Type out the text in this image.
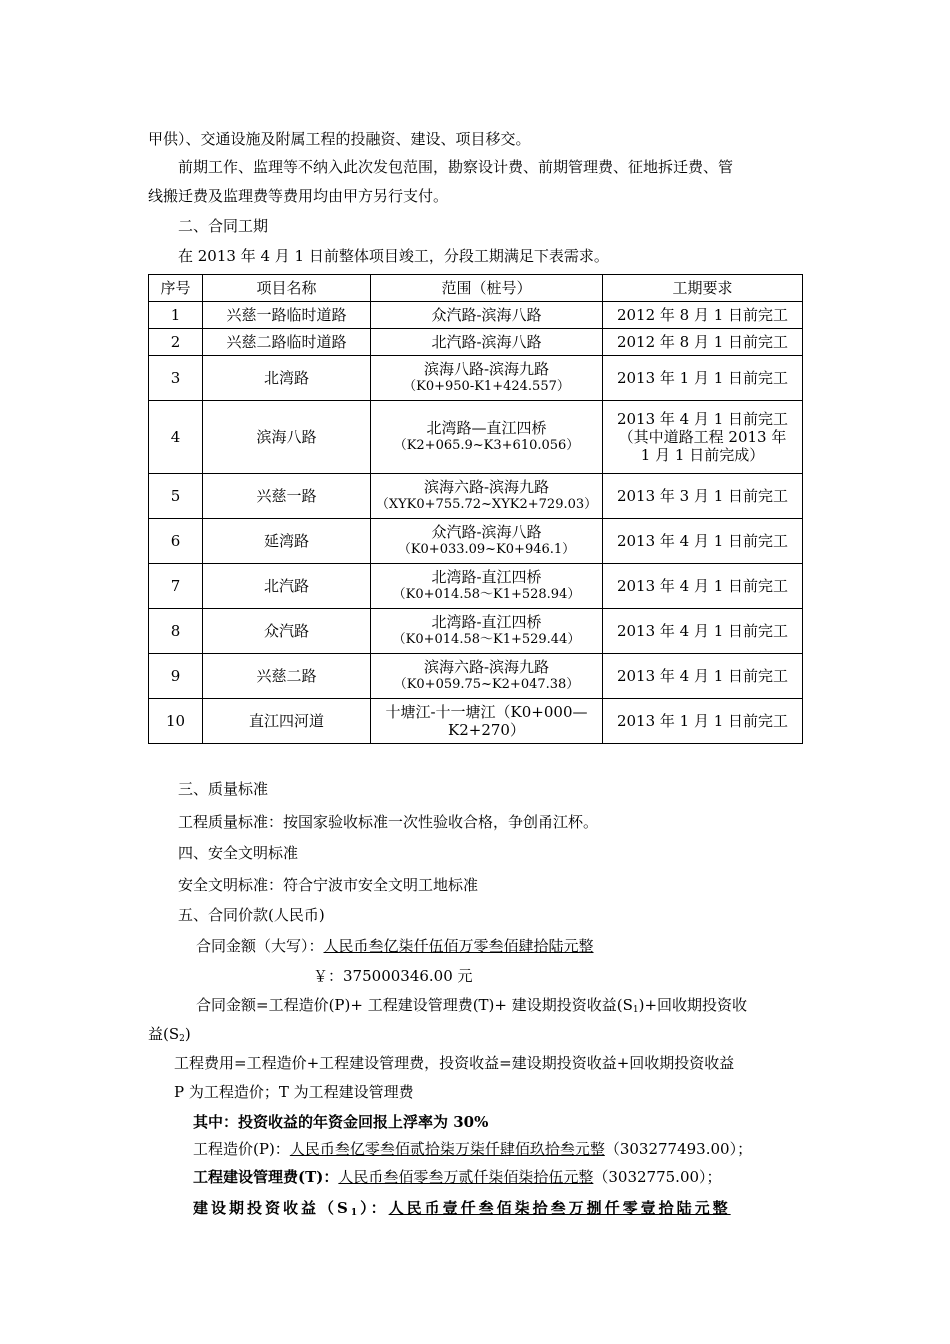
甲供）、交通设施及附属工程的投融资、建设、项目移交。
前期工作、监理等不纳入此次发包范围，勘察设计费、前期管理费、征地拆迁费、管
线搬迁费及监理费等费用均由甲方另行支付。
二、合同工期
在 2013 年 4 月 1 日前整体项目竣工，分段工期满足下表需求。
序号	项目名称	范围（桩号）	工期要求
1	兴慈一路临时道路	众汽路-滨海八路	2012 年 8 月 1 日前完工
2	兴慈二路临时道路	北汽路-滨海八路	2012 年 8 月 1 日前完工
3	北湾路	滨海八路-滨海九路
（K0+950-K1+424.557）	2013 年 1 月 1 日前完工
4	滨海八路	北湾路—直江四桥
（K2+065.9~K3+610.056）	2013 年 4 月 1 日前完工（其中道路工程 2013 年 1 月 1 日前完成）

5	兴慈一路	滨海六路-滨海九路
（XYK0+755.72~XYK2+729.03）	2013 年 3 月 1 日前完工
6	延湾路	众汽路-滨海八路
（K0+033.09~K0+946.1）	2013 年 4 月 1 日前完工
7	北汽路	北湾路-直江四桥
（K0+014.58～K1+528.94）	2013 年 4 月 1 日前完工
8	众汽路	北湾路-直江四桥
（K0+014.58～K1+529.44）	2013 年 4 月 1 日前完工
9	兴慈二路	滨海六路-滨海九路
（K0+059.75~K2+047.38）	2013 年 4 月 1 日前完工
10	直江四河道	十塘江-十一塘江（K0+000—
K2+270）	2013 年 1 月 1 日前完工
三、质量标准
工程质量标准：按国家验收标准一次性验收合格，争创甬江杯。
四、安全文明标准
安全文明标准：符合宁波市安全文明工地标准
五、合同价款(人民币)
合同金额（大写）：人民币叁亿柒仟伍佰万零叁佰肆拾陆元整
￥：375000346.00 元
合同金额=工程造价(P)+ 工程建设管理费(T)+ 建设期投资收益$(S_1)+$回收期投资收
益$(S_2)$
工程费用=工程造价+工程建设管理费，投资收益=建设期投资收益+回收期投资收益
P 为工程造价；T 为工程建设管理费
其中：投资收益的年资金回报上浮率为 30%
工程造价(P)：人民币叁亿零叁佰贰拾柒万柒仟肆佰玖拾叁元整（303277493.00）；
工程建设管理费(T)：人民币叁佰零叁万贰仟柒佰柒拾伍元整（3032775.00）；
建设期投资收益$(S_1)$：人民币壹仟叁佰柒拾叁万捌仟零壹拾陆元整
